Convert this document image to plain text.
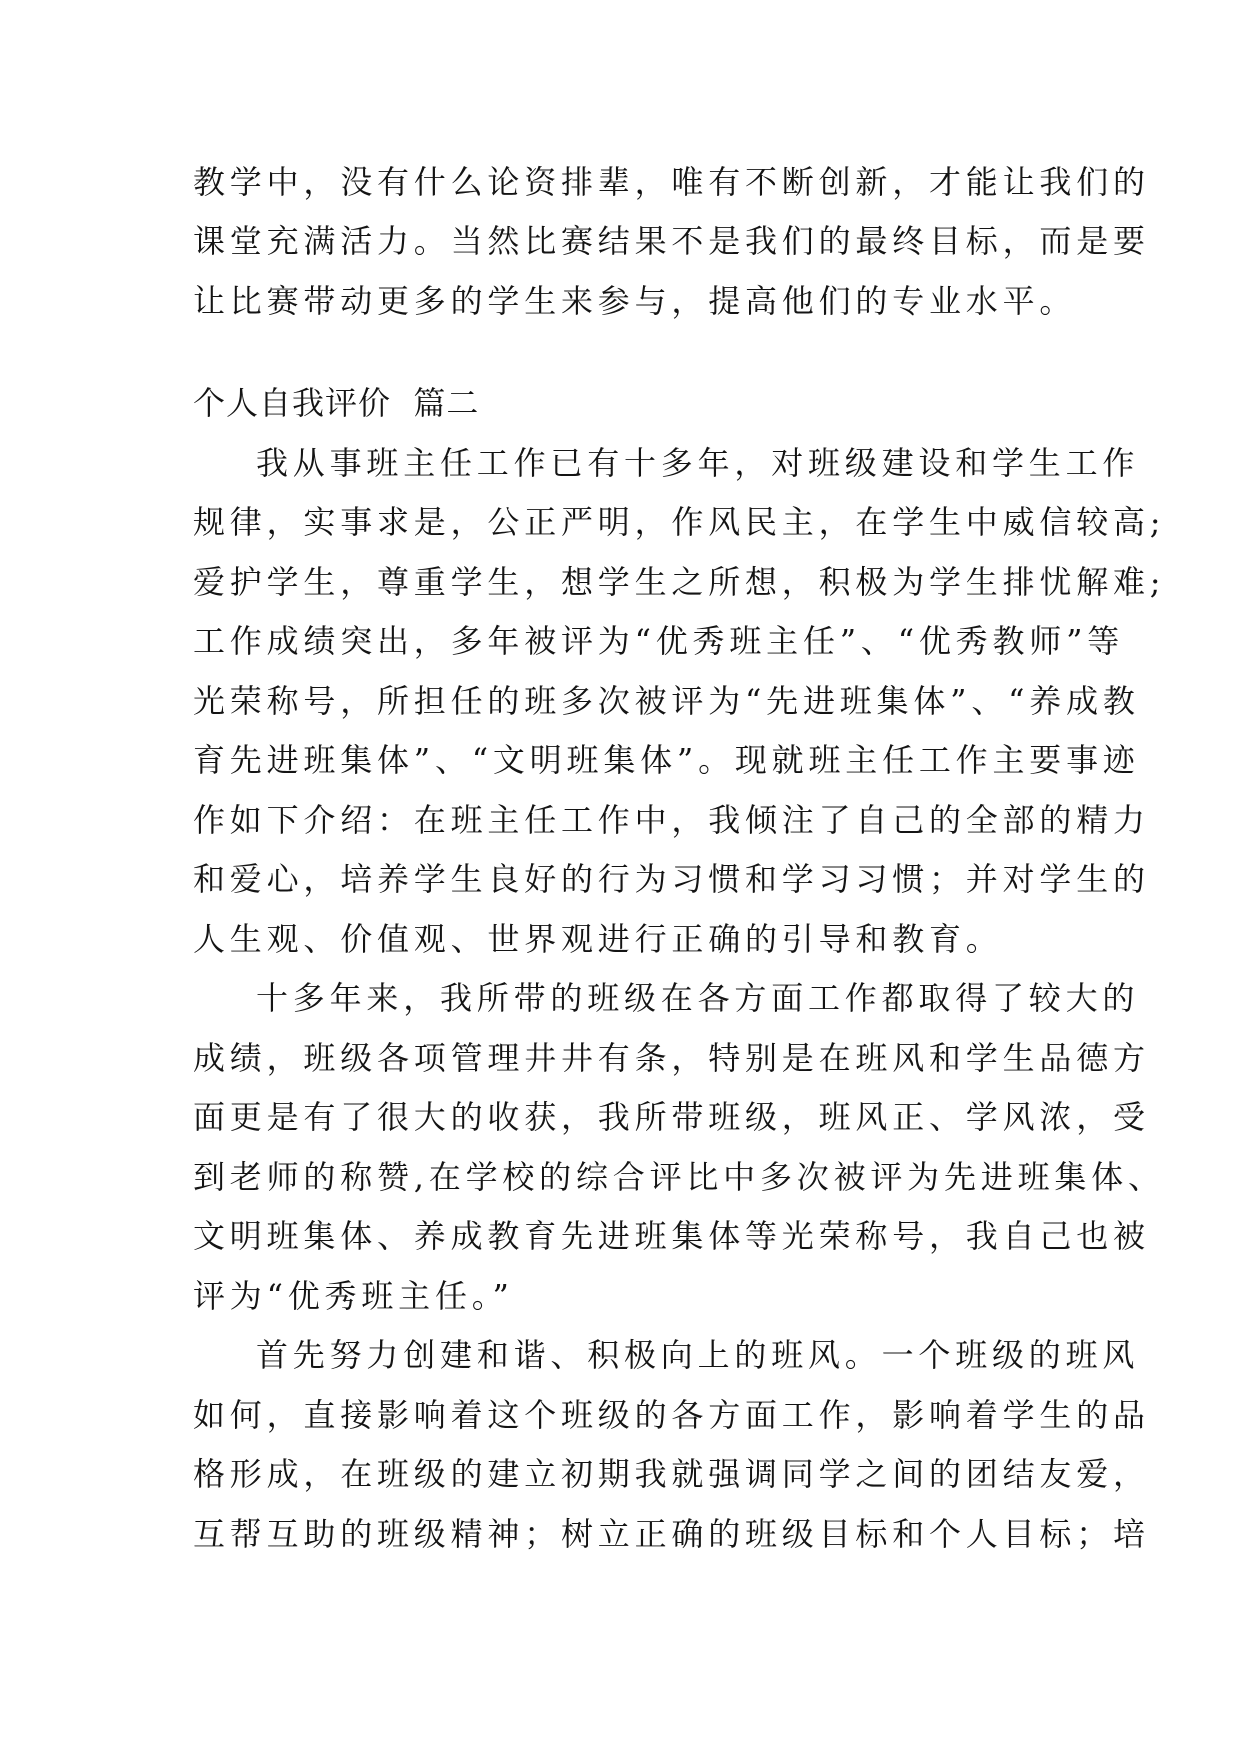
教学中，没有什么论资排辈，唯有不断创新，才能让我们的
课堂充满活力。当然比赛结果不是我们的最终目标，而是要
让比赛带动更多的学生来参与，提高他们的专业水平。
个人自我评价  篇二
我从事班主任工作已有十多年，对班级建设和学生工作
规律，实事求是，公正严明，作风民主，在学生中威信较高;
爱护学生，尊重学生，想学生之所想，积极为学生排忧解难;
工作成绩突出，多年被评为“优秀班主任”、“优秀教师”等
光荣称号，所担任的班多次被评为“先进班集体”、“养成教
育先进班集体”、“文明班集体”。现就班主任工作主要事迹
作如下介绍：在班主任工作中，我倾注了自己的全部的精力
和爱心，培养学生良好的行为习惯和学习习惯；并对学生的
人生观、价值观、世界观进行正确的引导和教育。
十多年来，我所带的班级在各方面工作都取得了较大的
成绩，班级各项管理井井有条，特别是在班风和学生品德方
面更是有了很大的收获，我所带班级，班风正、学风浓，受
到老师的称赞,在学校的综合评比中多次被评为先进班集体、
文明班集体、养成教育先进班集体等光荣称号，我自己也被
评为“优秀班主任。”
首先努力创建和谐、积极向上的班风。一个班级的班风
如何，直接影响着这个班级的各方面工作，影响着学生的品
格形成，在班级的建立初期我就强调同学之间的团结友爱，
互帮互助的班级精神；树立正确的班级目标和个人目标；培
